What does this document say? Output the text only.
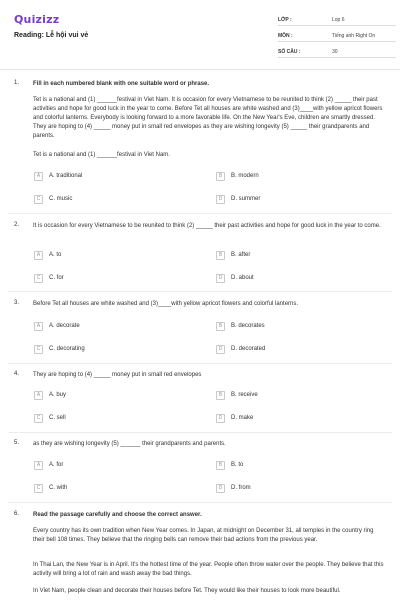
Quizizz
Reading: Lễ hội vui vẻ
LỚP :	Lop 6
MÔN :	Tiếng anh Right On
SỐ CÂU :	30
1. Fill in each numbered blank with one suitable word or phrase.
Tet is a national and (1) ______festival in Viet Nam. It is occasion for every Vietnamese to be reunited to think (2) _____ their past activities and hope for good luck in the year to come. Before Tet all houses are white washed and (3)____with yellow apricot flowers and colorful lanterns. Everybody is looking forward to a more favorable life. On the New Year's Eve, children are smartly dressed. They are hoping to (4) _____ money put in small red envelopes as they are wishing longevity (5) _____ their grandparents and parents.
Tet is a national and (1) ______festival in Viet Nam.
A	A. traditional	B	B. modern
C	C. music	D	D. summer
2. It is occasion for every Vietnamese to be reunited to think (2) _____ their past activities and hope for good luck in the year to come.
A	A. to	B	B. after
C	C. for	D	D. about
3. Before Tet all houses are white washed and (3)____with yellow apricot flowers and colorful lanterns.
A	A. decorate	B	B. decorates
C	C. decorating	D	D. decorated
4. They are hoping to (4) _____ money put in small red envelopes
A	A. buy	B	B. receive
C	C. sell	D	D. make
5. as they are wishing longevity (5) ______ their grandparents and parents.
A	A. for	B	B. to
C	C. with	D	D. from
6. Read the passage carefully and choose the correct answer.
Every country has its own tradition when New Year comes. In Japan, at midnight on December 31, all temples in the country ring their bell 108 times. They believe that the ringing bells can remove their bad actions from the previous year.
In Thai Lan, the New Year is in April. It's the hottest time of the year. People often throw water over the people. They believe that this activity will bring a lot of rain and wash away the bad things.
In Viet Nam, people clean and decorate their houses before Tet. They would like their houses to look more beautiful.
